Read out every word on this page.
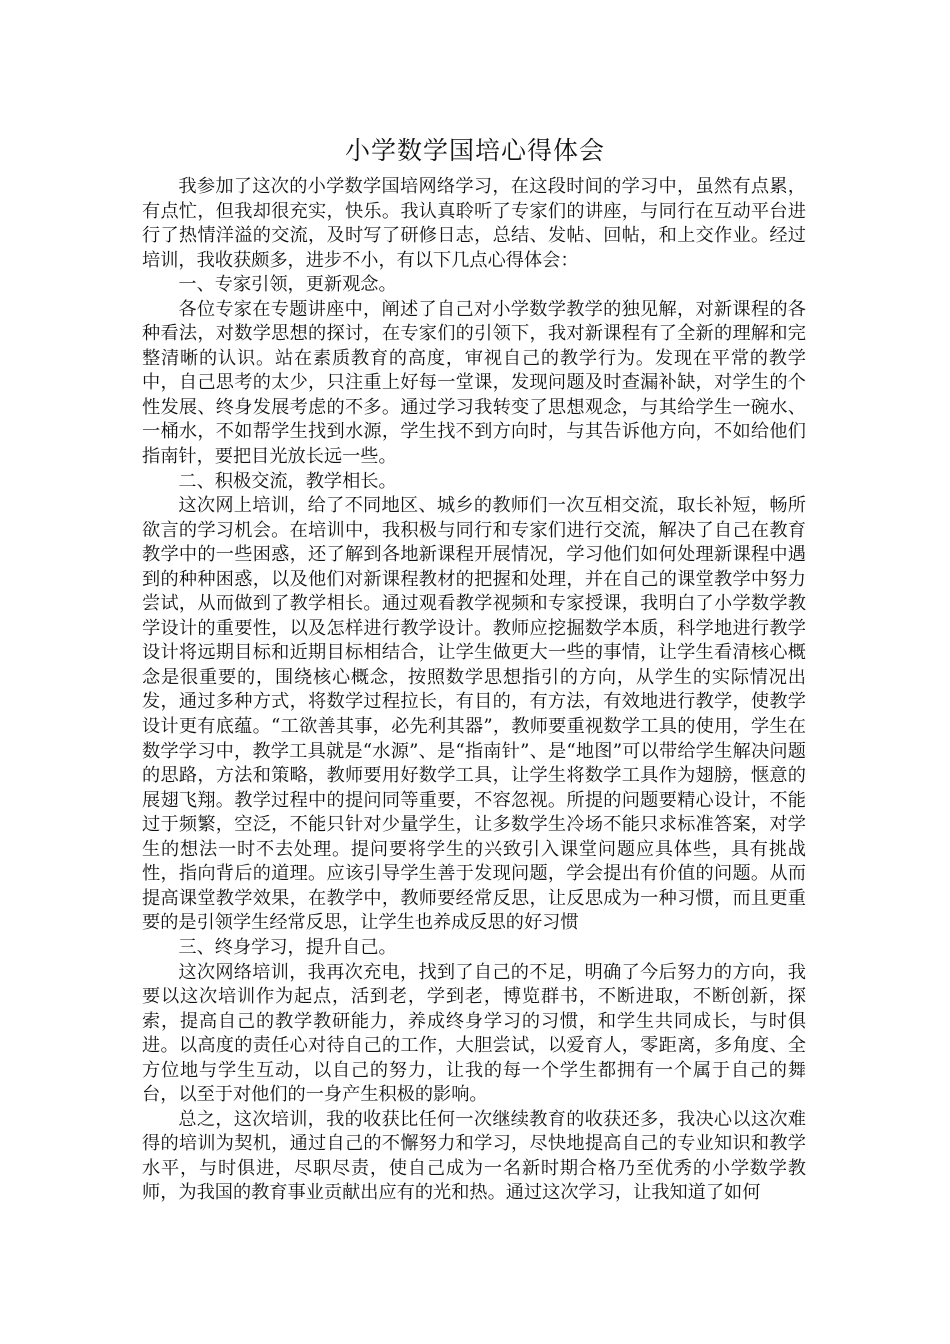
小学数学国培心得体会

我参加了这次的小学数学国培网络学习，在这段时间的学习中，虽然有点累，有点忙，但我却很充实，快乐。我认真聆听了专家们的讲座，与同行在互动平台进行了热情洋溢的交流，及时写了研修日志，总结、发帖、回帖，和上交作业。经过培训，我收获颇多，进步不小，有以下几点心得体会：

一、专家引领，更新观念。

各位专家在专题讲座中，阐述了自己对小学数学教学的独见解，对新课程的各种看法，对数学思想的探讨，在专家们的引领下，我对新课程有了全新的理解和完整清晰的认识。站在素质教育的高度，审视自己的教学行为。发现在平常的教学中，自己思考的太少，只注重上好每一堂课，发现问题及时查漏补缺，对学生的个性发展、终身发展考虑的不多。通过学习我转变了思想观念，与其给学生一碗水、一桶水，不如帮学生找到水源，学生找不到方向时，与其告诉他方向，不如给他们指南针，要把目光放长远一些。

二、积极交流，教学相长。

这次网上培训，给了不同地区、城乡的教师们一次互相交流，取长补短，畅所欲言的学习机会。在培训中，我积极与同行和专家们进行交流，解决了自己在教育教学中的一些困惑，还了解到各地新课程开展情况，学习他们如何处理新课程中遇到的种种困惑，以及他们对新课程教材的把握和处理，并在自己的课堂教学中努力尝试，从而做到了教学相长。通过观看教学视频和专家授课，我明白了小学数学教学设计的重要性，以及怎样进行教学设计。教师应挖掘数学本质，科学地进行教学设计将远期目标和近期目标相结合，让学生做更大一些的事情，让学生看清核心概念是很重要的，围绕核心概念，按照数学思想指引的方向，从学生的实际情况出发，通过多种方式，将数学过程拉长，有目的，有方法，有效地进行教学，使教学设计更有底蕴。“工欲善其事，必先利其器”，教师要重视数学工具的使用，学生在数学学习中，教学工具就是“水源”、是“指南针”、是“地图”可以带给学生解决问题的思路，方法和策略，教师要用好数学工具，让学生将数学工具作为翅膀，惬意的展翅飞翔。教学过程中的提问同等重要，不容忽视。所提的问题要精心设计，不能过于频繁，空泛，不能只针对少量学生，让多数学生冷场不能只求标准答案，对学生的想法一时不去处理。提问要将学生的兴致引入课堂问题应具体些，具有挑战性，指向背后的道理。应该引导学生善于发现问题，学会提出有价值的问题。从而提高课堂教学效果，在教学中，教师要经常反思，让反思成为一种习惯，而且更重要的是引领学生经常反思，让学生也养成反思的好习惯

三、终身学习，提升自己。

这次网络培训，我再次充电，找到了自己的不足，明确了今后努力的方向，我要以这次培训作为起点，活到老，学到老，博览群书，不断进取，不断创新，探索，提高自己的教学教研能力，养成终身学习的习惯，和学生共同成长，与时俱进。以高度的责任心对待自己的工作，大胆尝试，以爱育人，零距离，多角度、全方位地与学生互动，以自己的努力，让我的每一个学生都拥有一个属于自己的舞台，以至于对他们的一身产生积极的影响。

总之，这次培训，我的收获比任何一次继续教育的收获还多，我决心以这次难得的培训为契机，通过自己的不懈努力和学习，尽快地提高自己的专业知识和教学水平，与时俱进，尽职尽责，使自己成为一名新时期合格乃至优秀的小学数学教师，为我国的教育事业贡献出应有的光和热。通过这次学习，让我知道了如何
